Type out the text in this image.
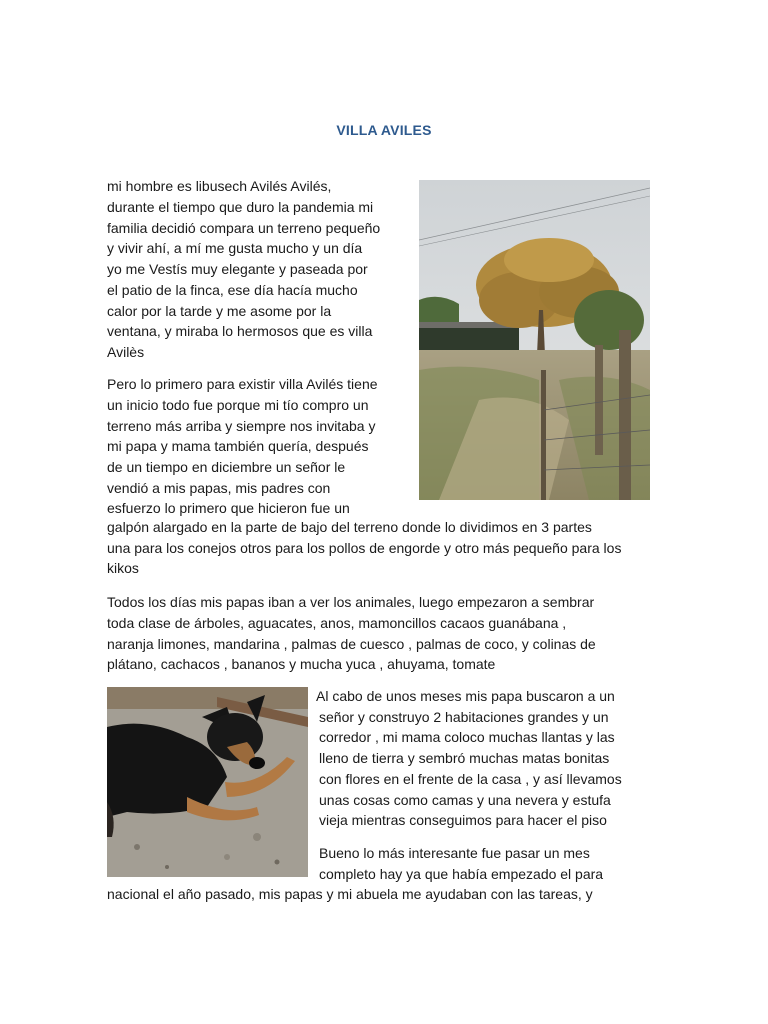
VILLA AVILES

mi hombre es libusech Avilés Avilés,

durante el tiempo que duro la pandemia mi

familia decidió compara un terreno pequeño

y vivir ahí, a mí me gusta mucho y un día

yo me Vestís muy elegante y paseada por

el patio de la finca, ese día hacía mucho

calor por la tarde y me asome por la

ventana, y miraba lo hermosos que es villa

Avilès

Pero lo primero para existir villa Avilés tiene

un inicio todo fue porque mi tío compro un

terreno más arriba y siempre nos invitaba y

mi papa y mama también quería, después

de un tiempo en diciembre un señor le

vendió a mis papas, mis padres con

esfuerzo lo primero que hicieron fue un

galpón alargado en la parte de bajo del terreno donde lo dividimos en 3 partes

una para los conejos otros para los pollos de engorde y otro más pequeño para los

kikos

Todos los días mis papas iban a ver los animales, luego empezaron a sembrar

toda clase de árboles, aguacates, anos, mamoncillos cacaos guanábana ,

naranja limones, mandarina , palmas de cuesco , palmas de coco, y colinas de

plátano, cachacos , bananos y mucha yuca , ahuyama, tomate

Al cabo de unos meses mis papa buscaron a un

señor y construyo 2 habitaciones grandes y un

corredor , mi mama coloco muchas llantas y las

lleno de tierra y sembró muchas matas bonitas

con flores en el frente de la casa , y así llevamos

unas cosas como camas y una nevera y estufa

vieja mientras conseguimos para hacer el piso

Bueno lo más interesante fue pasar un mes

completo hay ya que había empezado el para

nacional el año pasado, mis papas y mi abuela me ayudaban con las tareas, y
